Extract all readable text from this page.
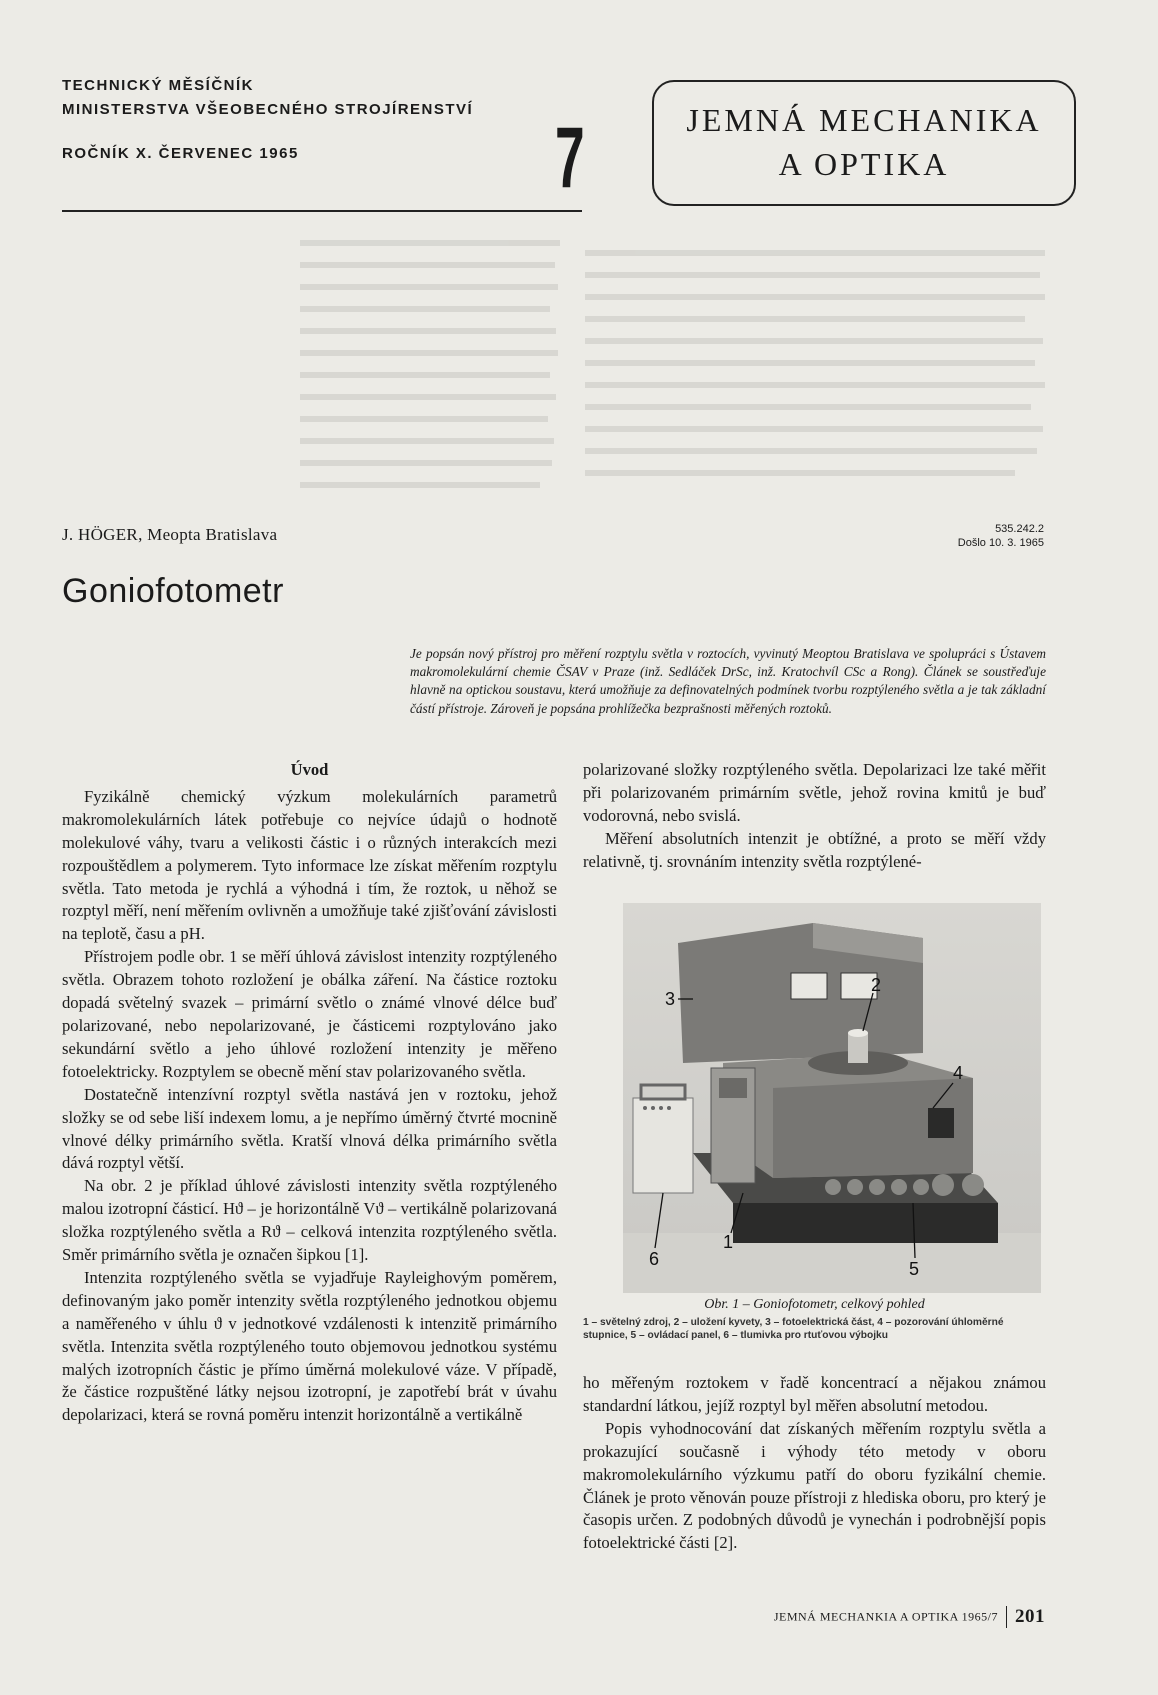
TECHNICKÝ MĚSÍČNÍK
MINISTERSTVA VŠEOBECNÉHO STROJÍRENSTVÍ
ROČNÍK X. ČERVENEC 1965	7	JEMNÁ MECHANIKA
A OPTIKA
J. HÖGER, Meopta Bratislava	535.242.2
Došlo 10. 3. 1965
Goniofotometr
Je popsán nový přístroj pro měření rozptylu světla v roztocích, vyvinutý Meoptou Bratislava ve spolupráci s Ústavem makromolekulární chemie ČSAV v Praze (inž. Sedláček DrSc, inž. Kratochvíl CSc a Rong). Článek se soustřeďuje hlavně na optickou soustavu, která umožňuje za definovatelných podmínek tvorbu rozptýleného světla a je tak základní částí přístroje. Zároveň je popsána prohlížečka bezprašnosti měřených roztoků.
Úvod

Fyzikálně chemický výzkum molekulárních parametrů makromolekulárních látek potřebuje co nejvíce údajů o hodnotě molekulové váhy, tvaru a velikosti částic i o různých interakcích mezi rozpouštědlem a polymerem. Tyto informace lze získat měřením rozptylu světla. Tato metoda je rychlá a výhodná i tím, že roztok, u něhož se rozptyl měří, není měřením ovlivněn a umožňuje také zjišťování závislosti na teplotě, času a pH.

Přístrojem podle obr. 1 se měří úhlová závislost intenzity rozptýleného světla. Obrazem tohoto rozložení je obálka záření. Na částice roztoku dopadá světelný svazek – primární světlo o známé vlnové délce buď polarizované, nebo nepolarizované, je částicemi rozptylováno jako sekundární světlo a jeho úhlové rozložení intenzity je měřeno fotoelektricky. Rozptylem se obecně mění stav polarizovaného světla.

Dostatečně intenzívní rozptyl světla nastává jen v roztoku, jehož složky se od sebe liší indexem lomu, a je nepřímo úměrný čtvrté mocnině vlnové délky primárního světla. Kratší vlnová délka primárního světla dává rozptyl větší.

Na obr. 2 je příklad úhlové závislosti intenzity světla rozptýleného malou izotropní částicí. Hϑ – je horizontálně Vϑ – vertikálně polarizovaná složka rozptýleného světla a Rϑ – celková intenzita rozptýleného světla. Směr primárního světla je označen šipkou [1].

Intenzita rozptýleného světla se vyjadřuje Rayleighovým poměrem, definovaným jako poměr intenzity světla rozptýleného jednotkou objemu a naměřeného v úhlu ϑ v jednotkové vzdálenosti k intenzitě primárního světla. Intenzita světla rozptýleného touto objemovou jednotkou systému malých izotropních částic je přímo úměrná molekulové váze. V případě, že částice rozpuštěné látky nejsou izotropní, je zapotřebí brát v úvahu depolarizaci, která se rovná poměru intenzit horizontálně a vertikálně

polarizované složky rozptýleného světla. Depolarizaci lze také měřit při polarizovaném primárním světle, jehož rovina kmitů je buď vodorovná, nebo svislá.

Měření absolutních intenzit je obtížné, a proto se měří vždy relativně, tj. srovnáním intenzity světla rozptýlené-

1
2
3
4
5
6
Obr. 1 – Goniofotometr, celkový pohled
1 – světelný zdroj, 2 – uložení kyvety, 3 – fotoelektrická část, 4 – pozorování úhloměrné stupnice, 5 – ovládací panel, 6 – tlumivka pro rtuťovou výbojku

ho měřeným roztokem v řadě koncentrací a nějakou známou standardní látkou, jejíž rozptyl byl měřen absolutní metodou.

Popis vyhodnocování dat získaných měřením rozptylu světla a prokazující současně i výhody této metody v oboru makromolekulárního výzkumu patří do oboru fyzikální chemie. Článek je proto věnován pouze přístroji z hlediska oboru, pro který je časopis určen. Z podobných důvodů je vynechán i podrobnější popis fotoelektrické části [2].

JEMNÁ MECHANKIA A OPTIKA 1965/7 201
